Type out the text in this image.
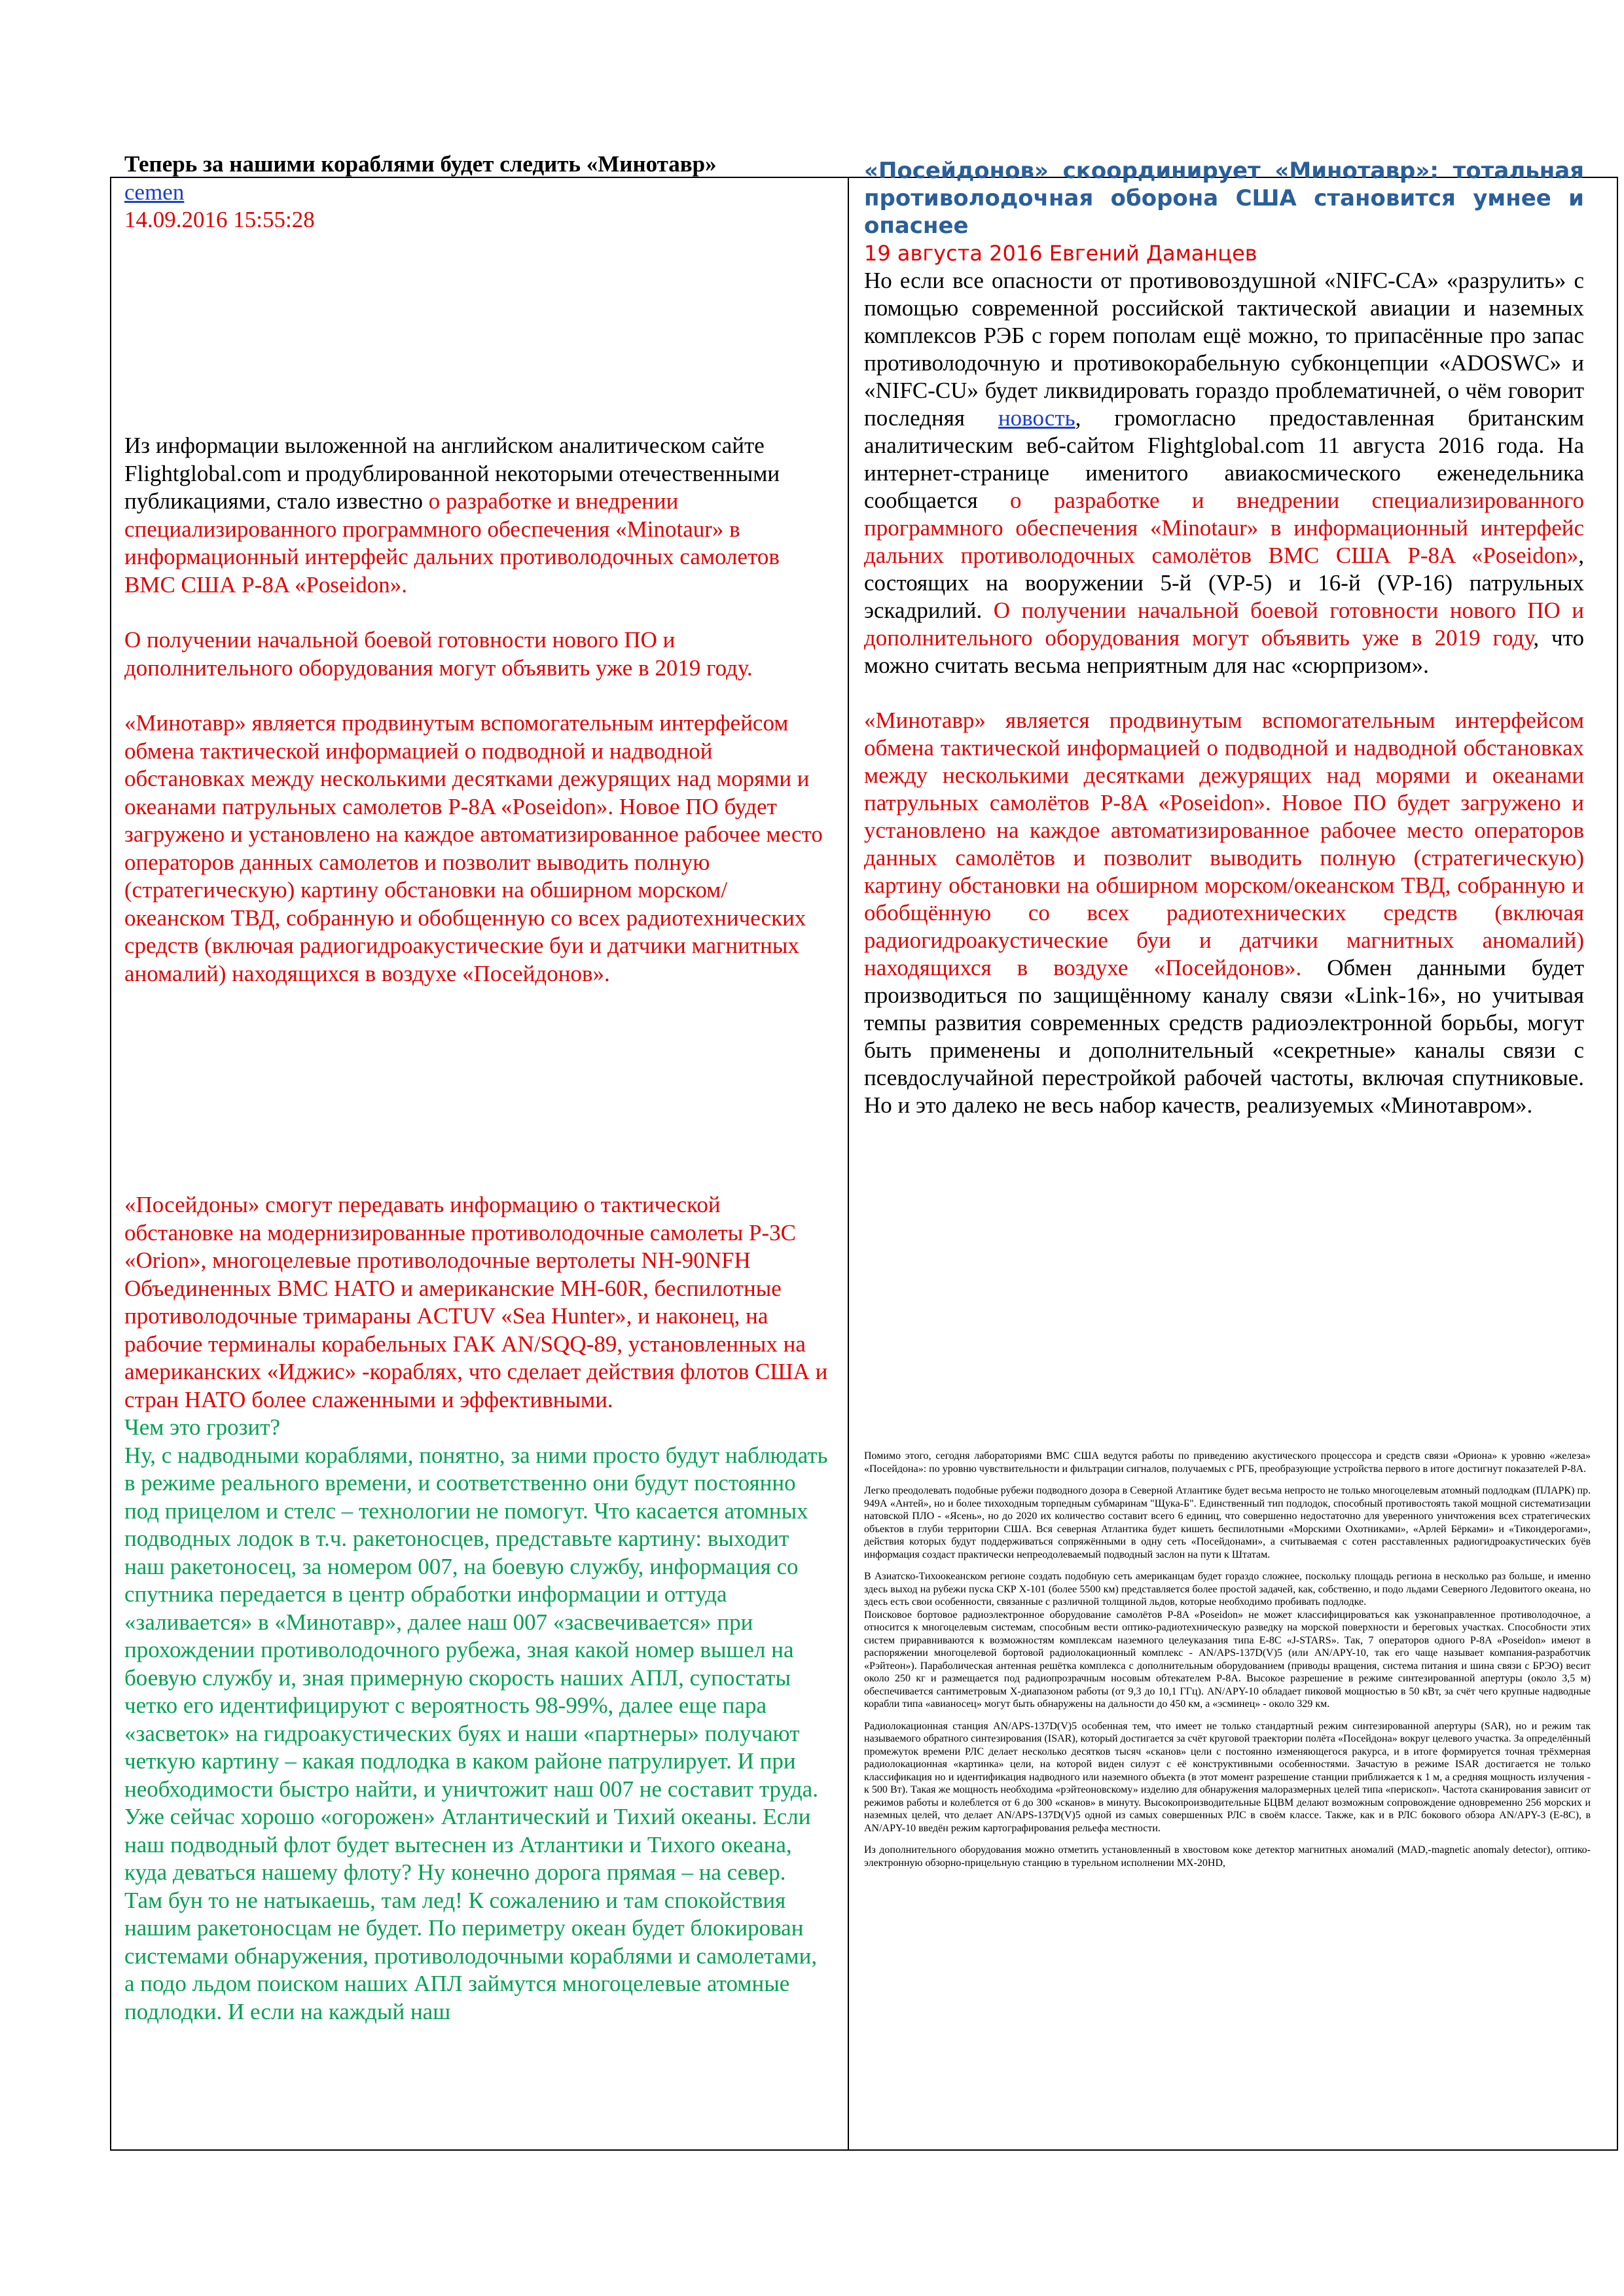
Теперь за нашими кораблями будет следить «Минотавр»
cemen
14.09.2016 15:55:28

Из информации выложенной на английском аналитическом сайте Flightglobal.com и продублированной некоторыми отечественными публикациями, стало известно о разработке и внедрении специализированного программного обеспечения «Minotaur» в информационный интерфейс дальних противолодочных самолетов ВМС США P-8A «Poseidon».

О получении начальной боевой готовности нового ПО и дополнительного оборудования могут объявить уже в 2019 году.

«Минотавр» является продвинутым вспомогательным интерфейсом обмена тактической информацией о подводной и надводной обстановках между несколькими десятками дежурящих над морями и океанами патрульных самолетов P-8A «Poseidon». Новое ПО будет загружено и установлено на каждое автоматизированное рабочее место операторов данных самолетов и позволит выводить полную (стратегическую) картину обстановки на обширном морском/океанском ТВД, собранную и обобщенную со всех радиотехнических средств (включая радиогидроакустические буи и датчики магнитных аномалий) находящихся в воздухе «Посейдонов».

«Посейдоны» смогут передавать информацию о тактической обстановке на модернизированные противолодочные самолеты P-3C «Orion», многоцелевые противолодочные вертолеты NH-90NFH Объединенных ВМС НАТО и американские MH-60R, беспилотные противолодочные тримараны ACTUV «Sea Hunter», и наконец, на рабочие терминалы корабельных ГАК AN/SQQ-89, установленных на американских «Иджис» -кораблях, что сделает действия флотов США и стран НАТО более слаженными и эффективными.

Чем это грозит?

Ну, с надводными кораблями, понятно, за ними просто будут наблюдать в режиме реального времени, и соответственно они будут постоянно под прицелом и стелс – технологии не помогут. Что касается атомных подводных лодок в т.ч. ракетоносцев, представьте картину: выходит наш ракетоносец, за номером 007, на боевую службу, информация со спутника передается в центр обработки информации и оттуда «заливается» в «Минотавр», далее наш 007 «засвечивается» при прохождении противолодочного рубежа, зная какой номер вышел на боевую службу и, зная примерную скорость наших АПЛ, супостаты четко его идентифицируют с вероятность 98-99%, далее еще пара «засветок» на гидроакустических буях и наши «партнеры» получают четкую картину – какая подлодка в каком районе патрулирует. И при необходимости быстро найти, и уничтожит наш 007 не составит труда.

Уже сейчас хорошо «огорожен» Атлантический и Тихий океаны. Если наш подводный флот будет вытеснен из Атлантики и Тихого океана, куда деваться нашему флоту? Ну конечно дорога прямая – на север. Там бун то не натыкаешь, там лед! К сожалению и там спокойствия нашим ракетоносцам не будет. По периметру океан будет блокирован системами обнаружения, противолодочными кораблями и самолетами, а подо льдом поиском наших АПЛ займутся многоцелевые атомные подлодки. И если на каждый наш

«Посейдонов» скоординирует «Минотавр»: тотальная противолодочная оборона США становится умнее и опаснее

19 августа 2016 Евгений Даманцев

Но если все опасности от противовоздушной «NIFC-CA» «разрулить» с помощью современной российской тактической авиации и наземных комплексов РЭБ с горем пополам ещё можно, то припасённые про запас противолодочную и противокорабельную субконцепции «ADOSWC» и «NIFC-CU» будет ликвидировать гораздо проблематичней, о чём говорит последняя новость, громогласно предоставленная британским аналитическим веб-сайтом Flightglobal.com 11 августа 2016 года. На интернет-странице именитого авиакосмического еженедельника сообщается о разработке и внедрении специализированного программного обеспечения «Minotaur» в информационный интерфейс дальних противолодочных самолётов ВМС США P-8A «Poseidon», состоящих на вооружении 5-й (VP-5) и 16-й (VP-16) патрульных эскадрилий. О получении начальной боевой готовности нового ПО и дополнительного оборудования могут объявить уже в 2019 году, что можно считать весьма неприятным для нас «сюрпризом».

«Минотавр» является продвинутым вспомогательным интерфейсом обмена тактической информацией о подводной и надводной обстановках между несколькими десятками дежурящих над морями и океанами патрульных самолётов P-8A «Poseidon». Новое ПО будет загружено и установлено на каждое автоматизированное рабочее место операторов данных самолётов и позволит выводить полную (стратегическую) картину обстановки на обширном морском/океанском ТВД, собранную и обобщённую со всех радиотехнических средств (включая радиогидроакустические буи и датчики магнитных аномалий) находящихся в воздухе «Посейдонов». Обмен данными будет производиться по защищённому каналу связи «Link-16», но учитывая темпы развития современных средств радиоэлектронной борьбы, могут быть применены и дополнительный «секретные» каналы связи с псевдослучайной перестройкой рабочей частоты, включая спутниковые. Но и это далеко не весь набор качеств, реализуемых «Минотавром».

Помимо этого, сегодня лабораториями ВМС США ведутся работы по приведению акустического процессора и средств связи «Ориона» к уровню «железа» «Посейдона»: по уровню чувствительности и фильтрации сигналов, получаемых с РГБ, преобразующие устройства первого в итоге достигнут показателей P-8A.

Легко преодолевать подобные рубежи подводного дозора в Северной Атлантике будет весьма непросто не только многоцелевым атомный подлодкам (ПЛАРК) пр. 949А «Антей», но и более тихоходным торпедным субмаринам "Щука-Б". Единственный тип подлодок, способный противостоять такой мощной систематизации натовской ПЛО - «Ясень», но до 2020 их количество составит всего 6 единиц, что совершенно недостаточно для уверенного уничтожения всех стратегических объектов в глуби территории США. Вся северная Атлантика будет кишеть беспилотными «Морскими Охотниками», «Арлей Бёрками» и «Тикондерогами», действия которых будут поддерживаться сопряжёнными в одну сеть «Посейдонами», а считываемая с сотен расставленных радиогидроакустических буёв информация создаст практически непреодолеваемый подводный заслон на пути к Штатам.

В Азиатско-Тихоокеанском регионе создать подобную сеть американцам будет гораздо сложнее, поскольку площадь региона в несколько раз больше, и именно здесь выход на рубежи пуска СКР Х-101 (более 5500 км) представляется более простой задачей, как, собственно, и подо льдами Северного Ледовитого океана, но здесь есть свои особенности, связанные с различной толщиной льдов, которые необходимо пробивать подлодке.

Поисковое бортовое радиоэлектронное оборудование самолётов P-8A «Poseidon» не может классифицироваться как узконаправленное противолодочное, а относится к многоцелевым системам, способным вести оптико-радиотехническую разведку на морской поверхности и береговых участках. Способности этих систем приравниваются к возможностям комплексам наземного целеуказания типа E-8C «J-STARS». Так, 7 операторов одного P-8A «Poseidon» имеют в распоряжении многоцелевой бортовой радиолокационный комплекс - AN/APS-137D(V)5 (или AN/APY-10, так его чаще называет компания-разработчик «Рэйтеон»). Параболическая антенная решётка комплекса с дополнительным оборудованием (приводы вращения, система питания и шина связи с БРЭО) весит около 250 кг и размещается под радиопрозрачным носовым обтекателем P-8A. Высокое разрешение в режиме синтезированной апертуры (около 3,5 м) обеспечивается сантиметровым Х-диапазоном работы (от 9,3 до 10,1 ГГц). AN/APY-10 обладает пиковой мощностью в 50 кВт, за счёт чего крупные надводные корабли типа «авианосец» могут быть обнаружены на дальности до 450 км, а «эсминец» - около 329 км.

Радиолокационная станция AN/APS-137D(V)5 особенная тем, что имеет не только стандартный режим синтезированной апертуры (SAR), но и режим так называемого обратного синтезирования (ISAR), который достигается за счёт круговой траектории полёта «Посейдона» вокруг целевого участка. За определённый промежуток времени РЛС делает несколько десятков тысяч «сканов» цели с постоянно изменяющегося ракурса, и в итоге формируется точная трёхмерная радиолокационная «картинка» цели, на которой виден силуэт с её конструктивными особенностями. Зачастую в режиме ISAR достигается не только классификация но и идентификация надводного или наземного объекта (в этот момент разрешение станции приближается к 1 м, а средняя мощность излучения - к 500 Вт). Такая же мощность необходима «рэйтеоновскому» изделию для обнаружения малоразмерных целей типа «перископ». Частота сканирования зависит от режимов работы и колеблется от 6 до 300 «сканов» в минуту. Высокопроизводительные БЦВМ делают возможным сопровождение одновременно 256 морских и наземных целей, что делает AN/APS-137D(V)5 одной из самых совершенных РЛС в своём классе. Также, как и в РЛС бокового обзора AN/APY-3 (E-8C), в AN/APY-10 введён режим картографирования рельефа местности.

Из дополнительного оборудования можно отметить установленный в хвостовом коке детектор магнитных аномалий (MAD,-magnetic anomaly detector), оптико-электронную обзорно-прицельную станцию в турельном исполнении MX-20HD,
